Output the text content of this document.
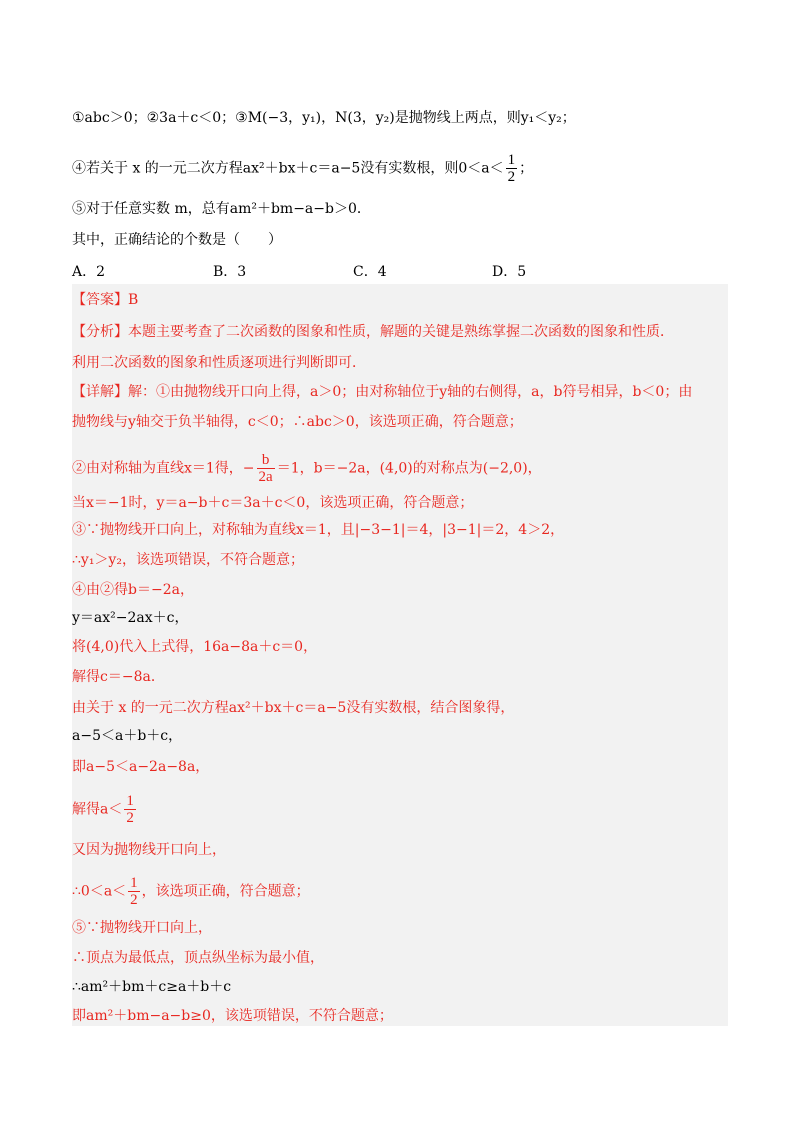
①abc＞0；②3a＋c＜0；③M(−3，y₁)，N(3，y₂)是抛物线上两点，则y₁＜y₂；
④若关于 x 的一元二次方程ax²＋bx＋c＝a−5没有实数根，则$0<a< \frac{1}{2}$ ；
⑤对于任意实数 m，总有am²＋bm−a−b＞0．
其中，正确结论的个数是（　　）
A．2	B．3	C．4	D．5
【答案】B
【分析】本题主要考查了二次函数的图象和性质，解题的关键是熟练掌握二次函数的图象和性质．
利用二次函数的图象和性质逐项进行判断即可．
【详解】解：①由抛物线开口向上得，a＞0；由对称轴位于y轴的右侧得，a，b符号相异，b＜0；由
抛物线与y轴交于负半轴得，c＜0；∴abc＞0，该选项正确，符合题意；
②由对称轴为直线x＝1得，− $\frac{b}{2a} =1$，b＝−2a，(4,0)的对称点为(−2,0)，
当x＝−1时，y＝a−b＋c＝3a＋c＜0，该选项正确，符合题意；
③∵抛物线开口向上，对称轴为直线x＝1，且|−3−1|＝4，|3−1|＝2，4＞2，
∴y₁＞y₂，该选项错误，不符合题意；
④由②得b＝−2a，
y＝ax²−2ax＋c，
将(4,0)代入上式得，16a−8a＋c＝0，
解得c＝−8a．
由关于 x 的一元二次方程ax²＋bx＋c＝a−5没有实数根，结合图象得，
a−5＜a＋b＋c，
即a−5＜a−2a−8a，
解得$a< \frac{1}{2}$
又因为抛物线开口向上，
∴0＜a＜ $\frac{1}{2}$ ，该选项正确，符合题意；
⑤∵抛物线开口向上，
∴顶点为最低点，顶点纵坐标为最小值，
∴am²＋bm＋c≥a＋b＋c
即am²＋bm−a−b≥0，该选项错误，不符合题意；
